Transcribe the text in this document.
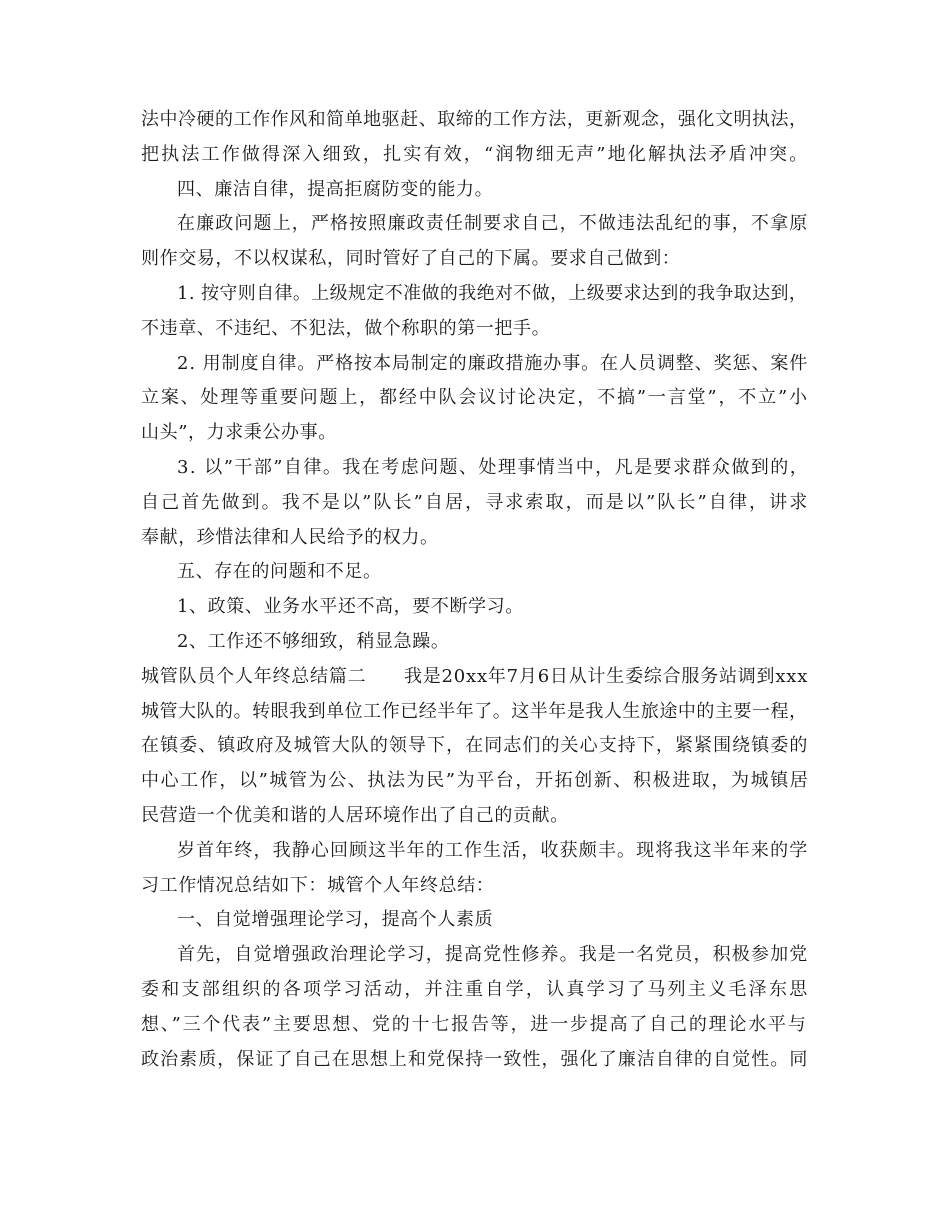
法中冷硬的工作作风和简单地驱赶、取缔的工作方法，更新观念，强化文明执法，
把执法工作做得深入细致，扎实有效，“润物细无声”地化解执法矛盾冲突。
四、廉洁自律，提高拒腐防变的能力。
在廉政问题上，严格按照廉政责任制要求自己，不做违法乱纪的事，不拿原
则作交易，不以权谋私，同时管好了自己的下属。要求自己做到：
1. 按守则自律。上级规定不准做的我绝对不做，上级要求达到的我争取达到，
不违章、不违纪、不犯法，做个称职的第一把手。
2. 用制度自律。严格按本局制定的廉政措施办事。在人员调整、奖惩、案件
立案、处理等重要问题上，都经中队会议讨论决定，不搞”一言堂”，不立”小
山头”，力求秉公办事。
3. 以”干部”自律。我在考虑问题、处理事情当中，凡是要求群众做到的，
自己首先做到。我不是以”队长”自居，寻求索取，而是以”队长”自律，讲求
奉献，珍惜法律和人民给予的权力。
五、存在的问题和不足。
1、政策、业务水平还不高，要不断学习。
2、工作还不够细致，稍显急躁。
城管队员个人年终总结篇二　　我是20xx年7月6日从计生委综合服务站调到xxx
城管大队的。转眼我到单位工作已经半年了。这半年是我人生旅途中的主要一程，
在镇委、镇政府及城管大队的领导下，在同志们的关心支持下，紧紧围绕镇委的
中心工作，以”城管为公、执法为民”为平台，开拓创新、积极进取，为城镇居
民营造一个优美和谐的人居环境作出了自己的贡献。
岁首年终，我静心回顾这半年的工作生活，收获颇丰。现将我这半年来的学
习工作情况总结如下：城管个人年终总结：
一、自觉增强理论学习，提高个人素质
首先，自觉增强政治理论学习，提高党性修养。我是一名党员，积极参加党
委和支部组织的各项学习活动，并注重自学，认真学习了马列主义毛泽东思
想、”三个代表”主要思想、党的十七报告等，进一步提高了自己的理论水平与
政治素质，保证了自己在思想上和党保持一致性，强化了廉洁自律的自觉性。同
